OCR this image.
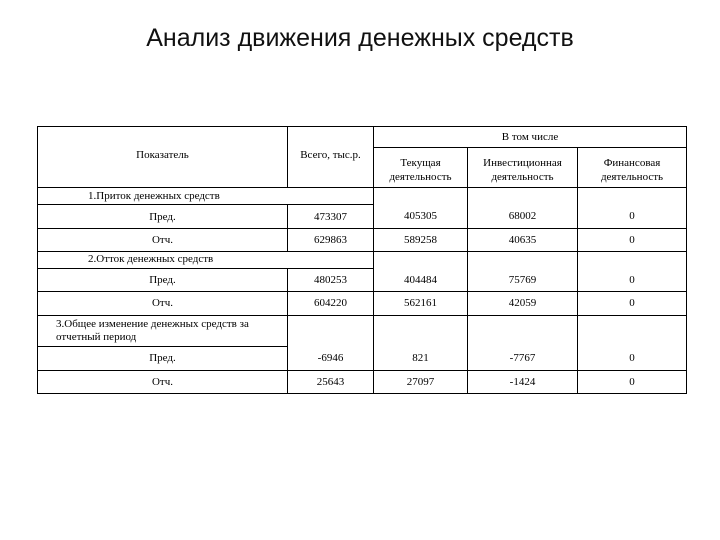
Анализ движения денежных средств
Показатель	Всего, тыс.р.	В том числе		
		Текущая деятельность	Инвестиционная деятельность	Финансовая деятельность
1.Приток денежных средств				
Пред.	473307	405305	68002	0
Отч.	629863	589258	40635	0
2.Отток денежных средств				
Пред.	480253	404484	75769	0
Отч.	604220	562161	42059	0
3.Общее изменение денежных средств за отчетный период				
Пред.	-6946	821	-7767	0
Отч.	25643	27097	-1424	0
